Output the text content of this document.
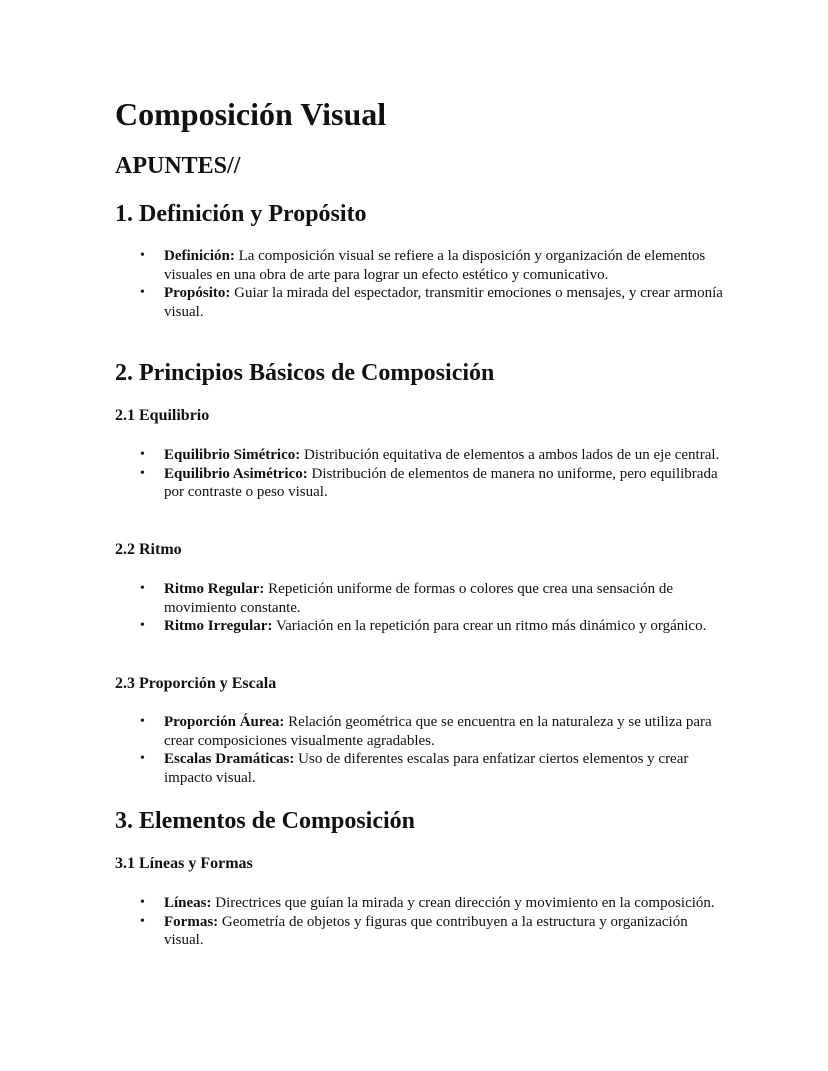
Composición Visual
APUNTES//
1. Definición y Propósito
• Definición: La composición visual se refiere a la disposición y organización de elementos visuales en una obra de arte para lograr un efecto estético y comunicativo.
• Propósito: Guiar la mirada del espectador, transmitir emociones o mensajes, y crear armonía visual.
2. Principios Básicos de Composición
2.1 Equilibrio
• Equilibrio Simétrico: Distribución equitativa de elementos a ambos lados de un eje central.
• Equilibrio Asimétrico: Distribución de elementos de manera no uniforme, pero equilibrada por contraste o peso visual.
2.2 Ritmo
• Ritmo Regular: Repetición uniforme de formas o colores que crea una sensación de movimiento constante.
• Ritmo Irregular: Variación en la repetición para crear un ritmo más dinámico y orgánico.
2.3 Proporción y Escala
• Proporción Áurea: Relación geométrica que se encuentra en la naturaleza y se utiliza para crear composiciones visualmente agradables.
• Escalas Dramáticas: Uso de diferentes escalas para enfatizar ciertos elementos y crear impacto visual.
3. Elementos de Composición
3.1 Líneas y Formas
• Líneas: Directrices que guían la mirada y crean dirección y movimiento en la composición.
• Formas: Geometría de objetos y figuras que contribuyen a la estructura y organización visual.
